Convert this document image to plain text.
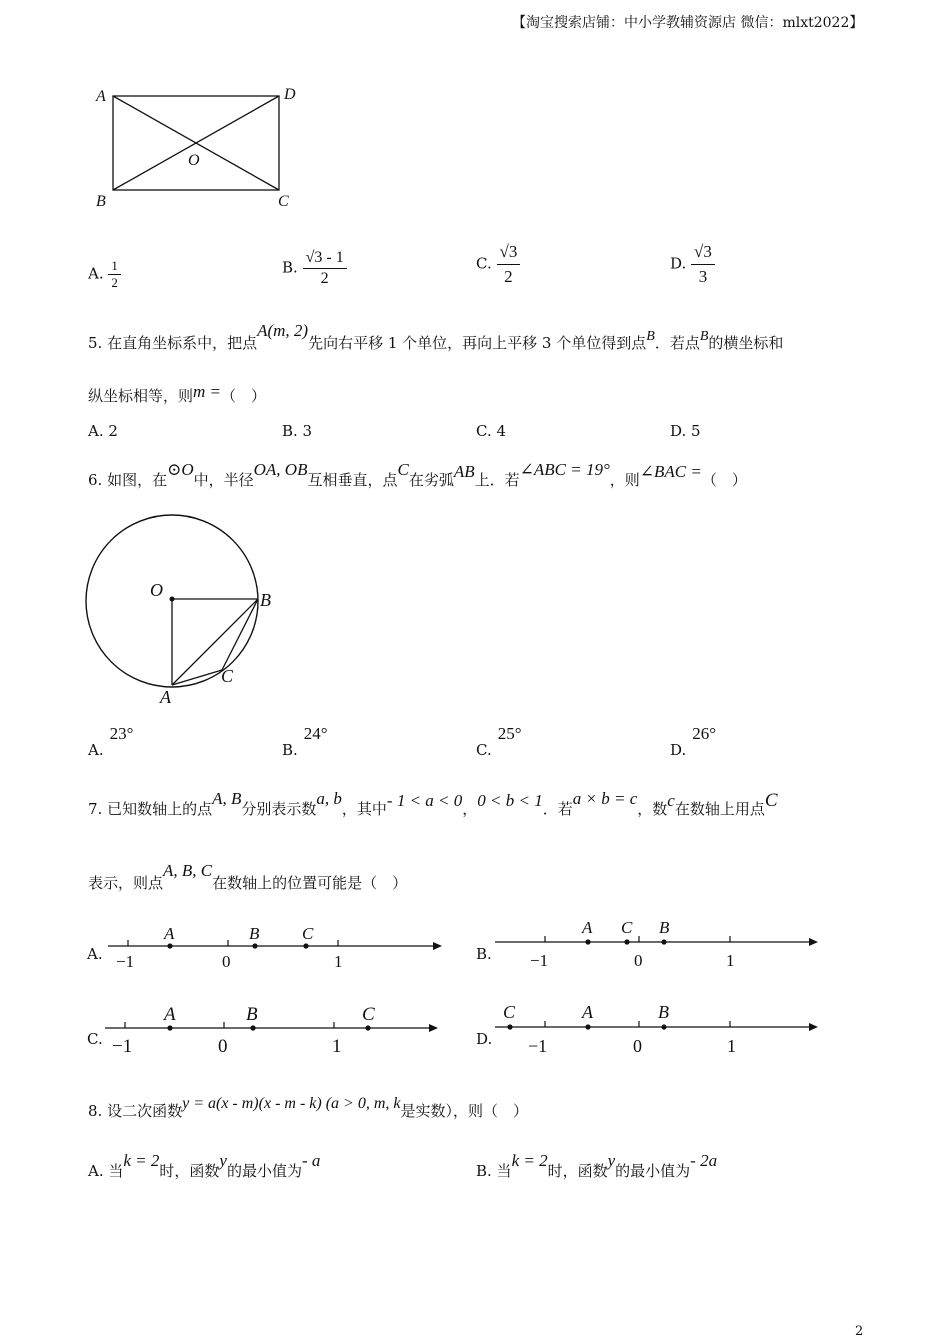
【淘宝搜索店铺：中小学教辅资源店 微信：mlxt2022】
A	D
O
B	C
A. $\frac{1}{2}$	B. $\frac{√3 - 1}{2}$	C. $\frac{√3}{2}$	D. $\frac{√3}{3}$
5. 在直角坐标系中，把点A(m, 2)先向右平移 1 个单位，再向上平移 3 个单位得到点B．若点B的横坐标和
纵坐标相等，则m =（　）
A. 2	B. 3	C. 4	D. 5
6. 如图，在⊙O中，半径OA, OB互相垂直，点C在劣弧AB上．若∠ABC = 19°，则∠BAC =（　）
O	B
A
C
A.23°
B.24°
C.25°
D.26°
7. 已知数轴上的点A, B分别表示数a, b，其中- 1 < a < 0，0 < b < 1．若a × b = c，数c在数轴上用点C
表示，则点A, B, C在数轴上的位置可能是（　）
A. −1	0	1
A	B	C
B. −1	0	1
A C B
C. −1	0	1
A	B	C
D. −1	0	1
C	A	B
8. 设二次函数y = a(x - m)(x - m - k) (a > 0, m, k是实数），则（　）
A. 当k = 2时，函数y的最小值为- a
B. 当k = 2时，函数y的最小值为- 2a
2
